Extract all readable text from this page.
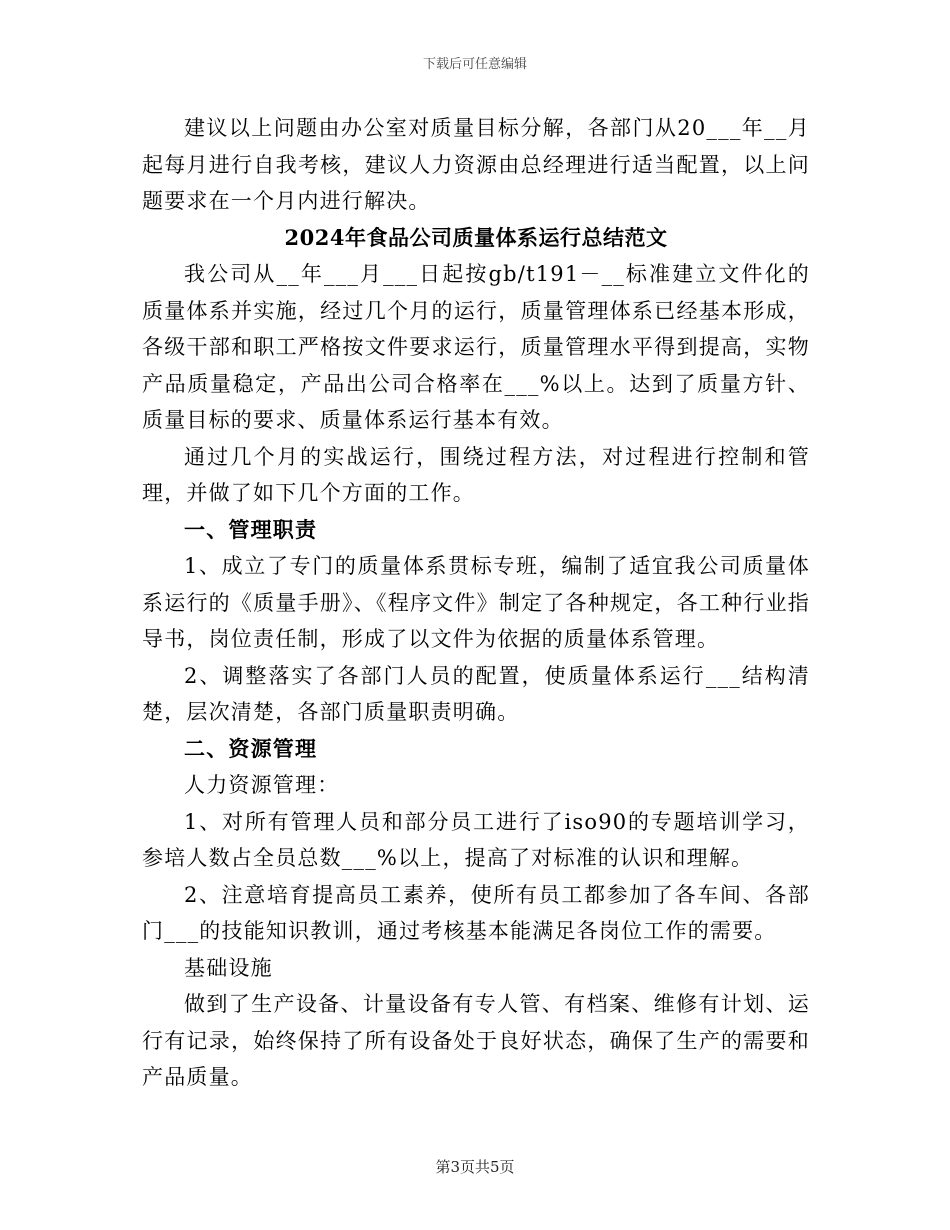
下载后可任意编辑

建议以上问题由办公室对质量目标分解，各部门从20___年__月起每月进行自我考核，建议人力资源由总经理进行适当配置，以上问题要求在一个月内进行解决。

2024年食品公司质量体系运行总结范文

我公司从__年___月___日起按gb/t191－__标准建立文件化的质量体系并实施，经过几个月的运行，质量管理体系已经基本形成，各级干部和职工严格按文件要求运行，质量管理水平得到提高，实物产品质量稳定，产品出公司合格率在___%以上。达到了质量方针、质量目标的要求、质量体系运行基本有效。

通过几个月的实战运行，围绕过程方法，对过程进行控制和管理，并做了如下几个方面的工作。

一、管理职责

1、成立了专门的质量体系贯标专班，编制了适宜我公司质量体系运行的《质量手册》、《程序文件》制定了各种规定，各工种行业指导书，岗位责任制，形成了以文件为依据的质量体系管理。

2、调整落实了各部门人员的配置，使质量体系运行___结构清楚，层次清楚，各部门质量职责明确。

二、资源管理

人力资源管理：

1、对所有管理人员和部分员工进行了iso90的专题培训学习，参培人数占全员总数___%以上，提高了对标准的认识和理解。

2、注意培育提高员工素养，使所有员工都参加了各车间、各部门___的技能知识教训，通过考核基本能满足各岗位工作的需要。

基础设施

做到了生产设备、计量设备有专人管、有档案、维修有计划、运行有记录，始终保持了所有设备处于良好状态，确保了生产的需要和产品质量。

第3页共5页
